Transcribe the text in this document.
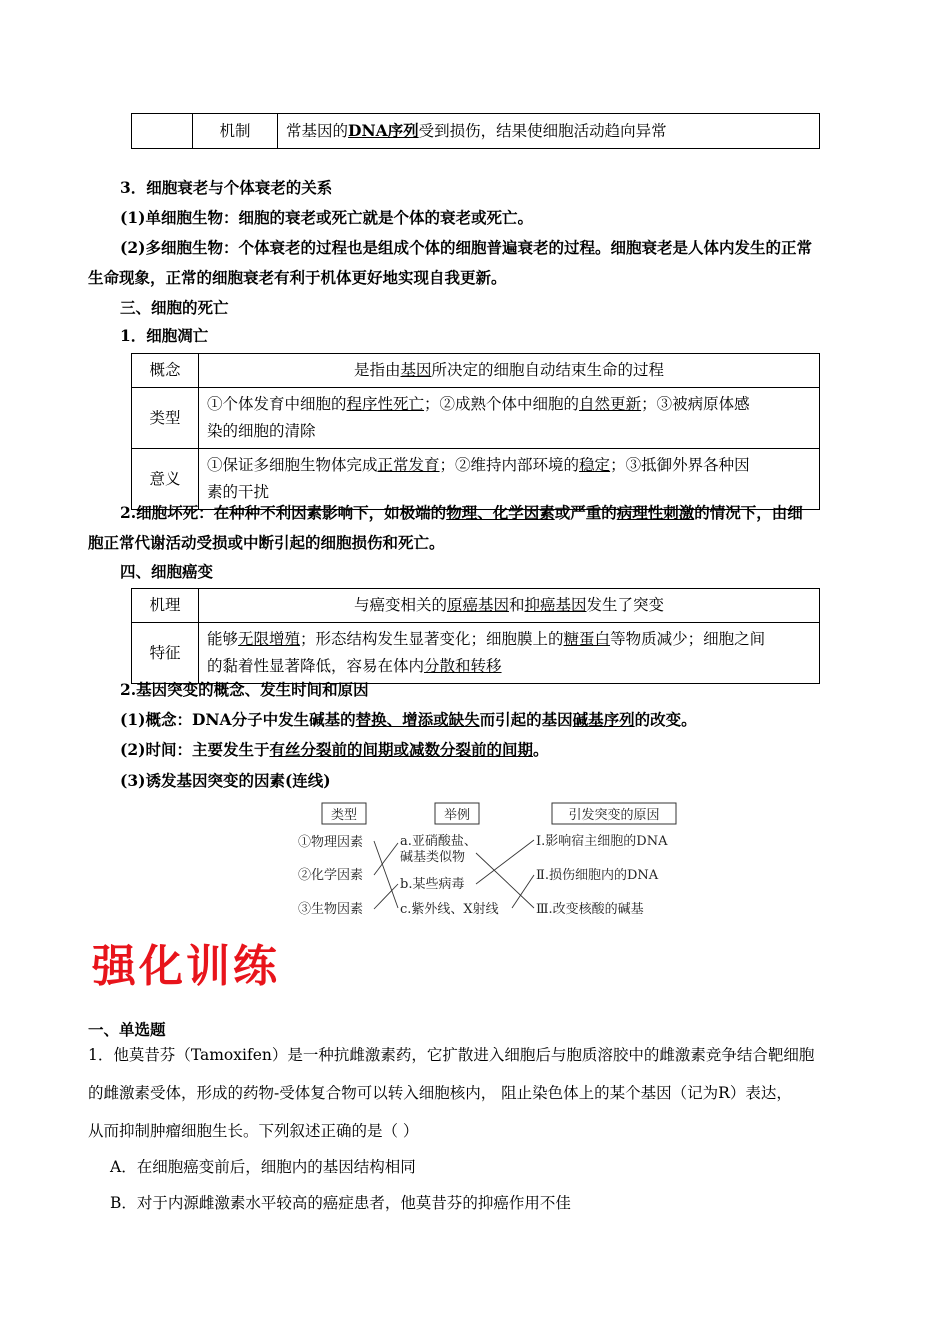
	机制	常基因的DNA序列受到损伤，结果使细胞活动趋向异常
3．细胞衰老与个体衰老的关系
(1)单细胞生物：细胞的衰老或死亡就是个体的衰老或死亡。
(2)多细胞生物：个体衰老的过程也是组成个体的细胞普遍衰老的过程。细胞衰老是人体内发生的正常
生命现象，正常的细胞衰老有利于机体更好地实现自我更新。
三、细胞的死亡
1．细胞凋亡
概念	是指由基因所决定的细胞自动结束生命的过程
类型	①个体发育中细胞的程序性死亡；②成熟个体中细胞的自然更新；③被病原体感
染的细胞的清除
意义	①保证多细胞生物体完成正常发育；②维持内部环境的稳定；③抵御外界各种因
素的干扰
2.细胞坏死：在种种不利因素影响下，如极端的物理、化学因素或严重的病理性刺激的情况下，由细
胞正常代谢活动受损或中断引起的细胞损伤和死亡。
四、细胞癌变
机理	与癌变相关的原癌基因和抑癌基因发生了突变
特征	能够无限增殖；形态结构发生显著变化；细胞膜上的糖蛋白等物质减少；细胞之间
的黏着性显著降低，容易在体内分散和转移
2.基因突变的概念、发生时间和原因
(1)概念：DNA分子中发生碱基的替换、增添或缺失而引起的基因碱基序列的改变。
(2)时间：主要发生于有丝分裂前的间期或减数分裂前的间期。
(3)诱发基因突变的因素(连线)
类型	举例	引发突变的原因
①物理因素
②化学因素
③生物因素
a.亚硝酸盐、
碱基类似物
b.某些病毒
c.紫外线、X射线
Ⅰ.影响宿主细胞的DNA
Ⅱ.损伤细胞内的DNA
Ⅲ.改变核酸的碱基
强化训练
一、单选题
1．他莫昔芬（Tamoxifen）是一种抗雌激素药，它扩散进入细胞后与胞质溶胶中的雌激素竞争结合靶细胞
的雌激素受体，形成的药物-受体复合物可以转入细胞核内， 阻止染色体上的某个基因（记为R）表达，
从而抑制肿瘤细胞生长。下列叙述正确的是（ ）
A．在细胞癌变前后，细胞内的基因结构相同
B．对于内源雌激素水平较高的癌症患者，他莫昔芬的抑癌作用不佳
